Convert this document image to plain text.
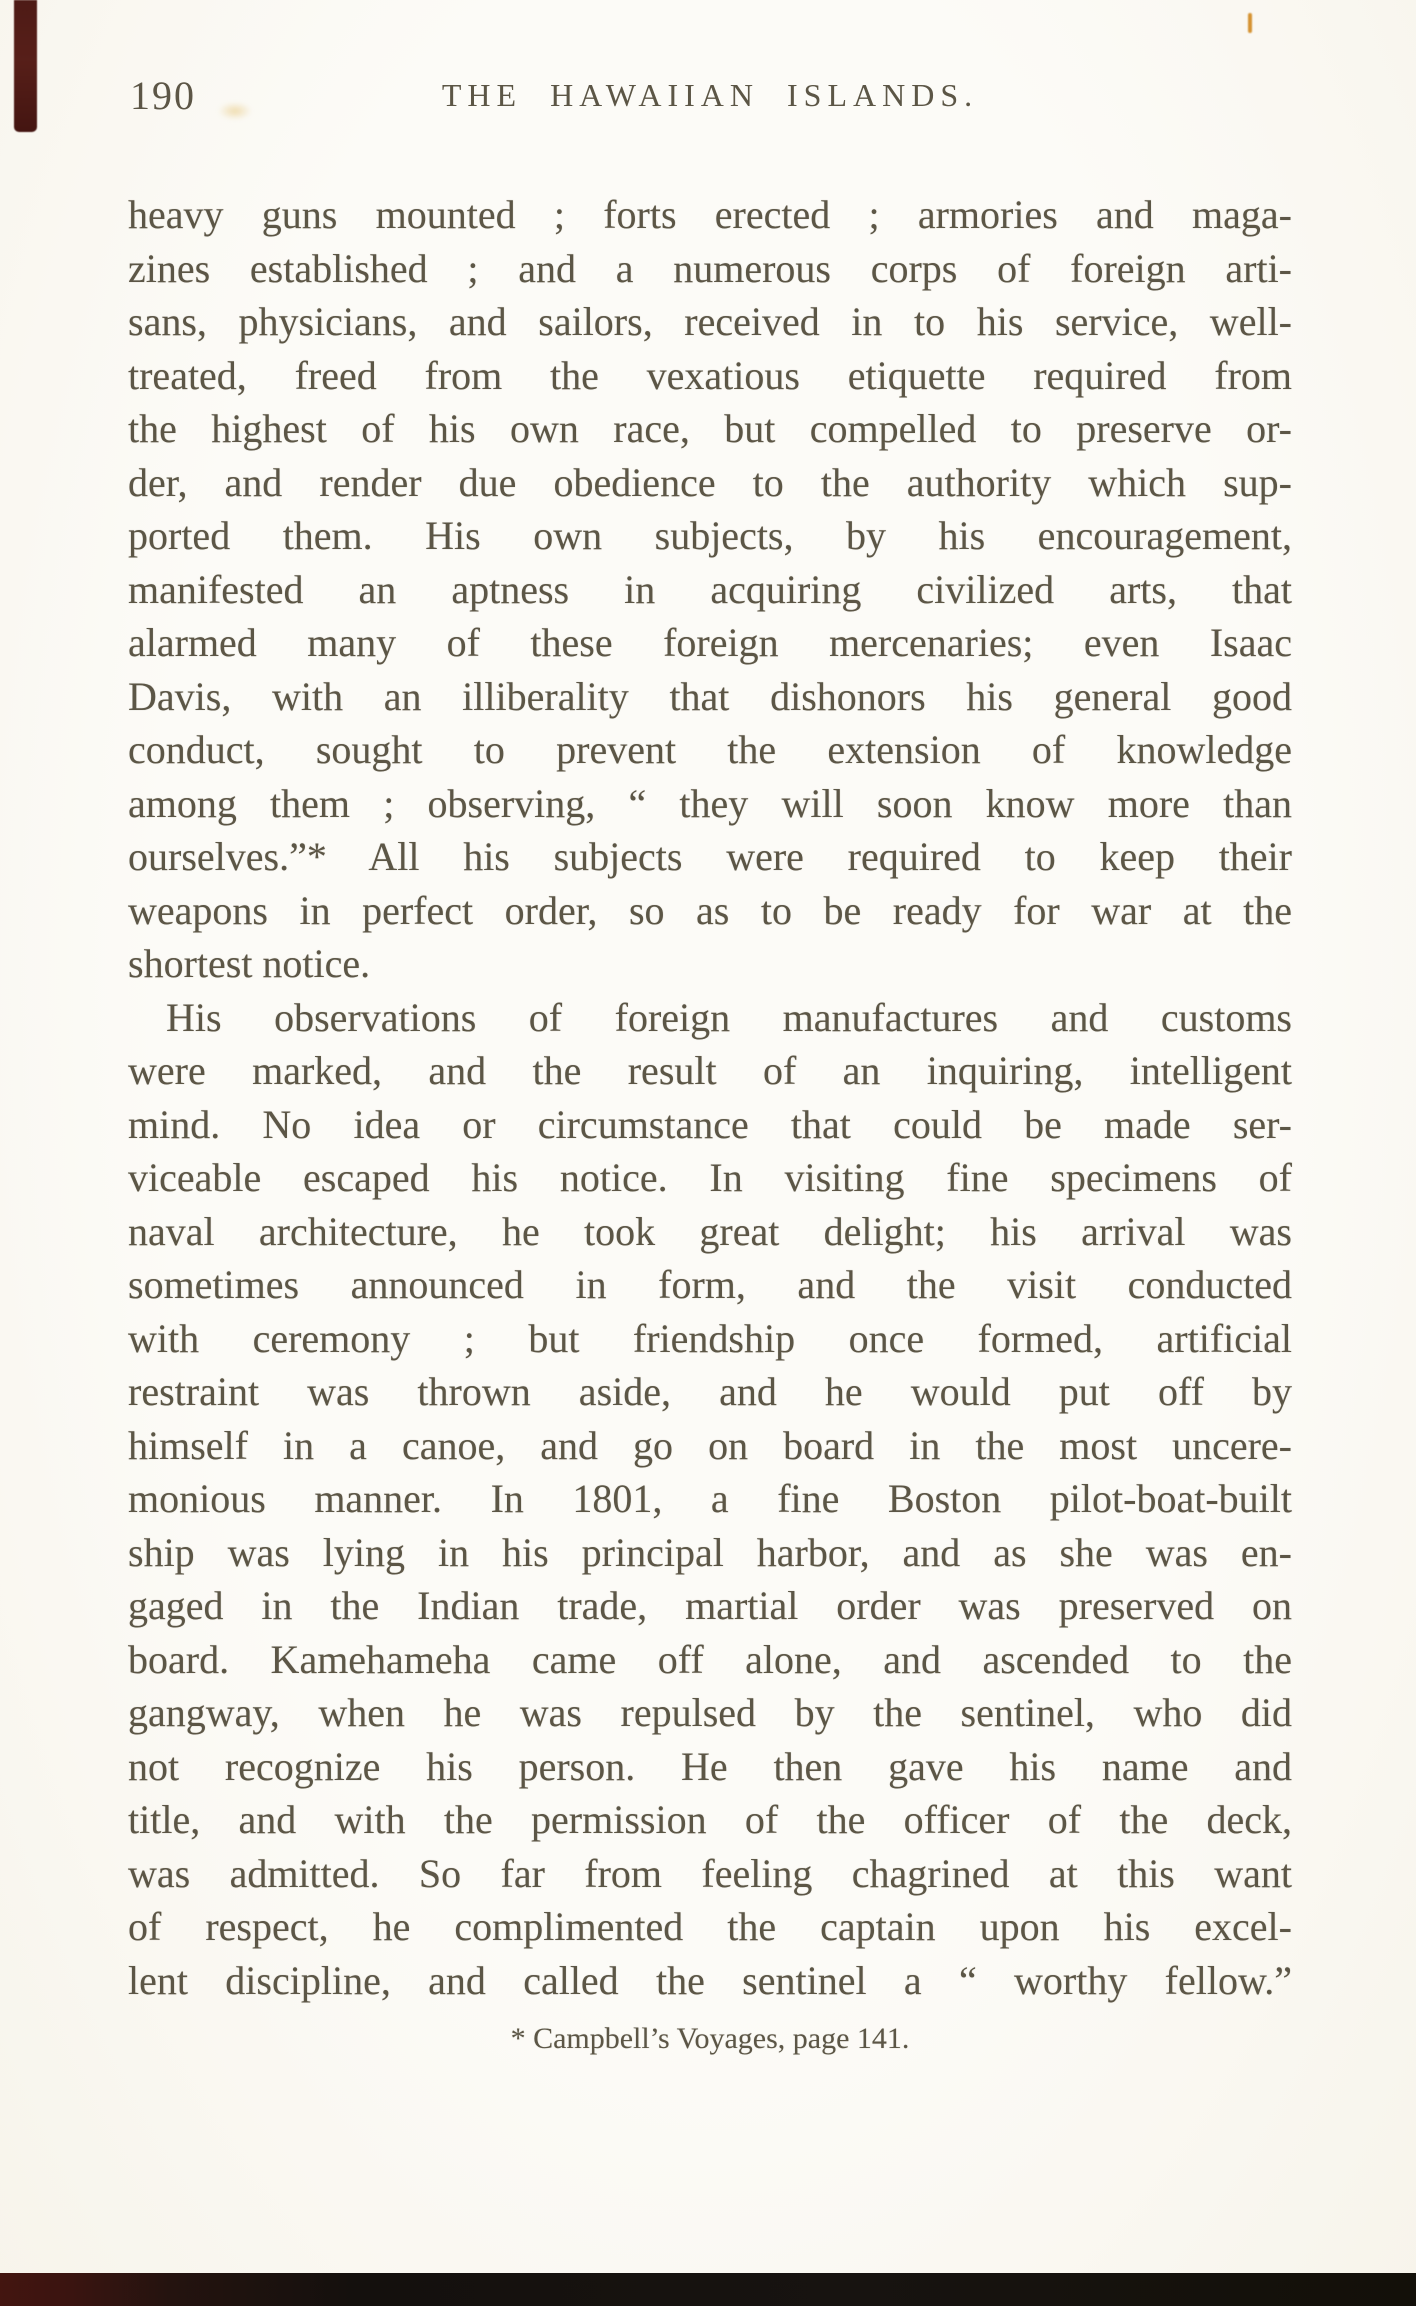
190	THE HAWAIIAN ISLANDS.
heavy guns mounted ; forts erected ; armories and maga-
zines established ; and a numerous corps of foreign arti-
sans, physicians, and sailors, received in to his service, well-
treated, freed from the vexatious etiquette required from
the highest of his own race, but compelled to preserve or-
der, and render due obedience to the authority which sup-
ported them. His own subjects, by his encouragement,
manifested an aptness in acquiring civilized arts, that
alarmed many of these foreign mercenaries; even Isaac
Davis, with an illiberality that dishonors his general good
conduct, sought to prevent the extension of knowledge
among them ; observing, “ they will soon know more than
ourselves.”* All his subjects were required to keep their
weapons in perfect order, so as to be ready for war at the
shortest notice.
His observations of foreign manufactures and customs
were marked, and the result of an inquiring, intelligent
mind. No idea or circumstance that could be made ser-
viceable escaped his notice. In visiting fine specimens of
naval architecture, he took great delight; his arrival was
sometimes announced in form, and the visit conducted
with ceremony ; but friendship once formed, artificial
restraint was thrown aside, and he would put off by
himself in a canoe, and go on board in the most uncere-
monious manner. In 1801, a fine Boston pilot-boat-built
ship was lying in his principal harbor, and as she was en-
gaged in the Indian trade, martial order was preserved on
board. Kamehameha came off alone, and ascended to the
gangway, when he was repulsed by the sentinel, who did
not recognize his person. He then gave his name and
title, and with the permission of the officer of the deck,
was admitted. So far from feeling chagrined at this want
of respect, he complimented the captain upon his excel-
lent discipline, and called the sentinel a “ worthy fellow.”
* Campbell’s Voyages, page 141.
